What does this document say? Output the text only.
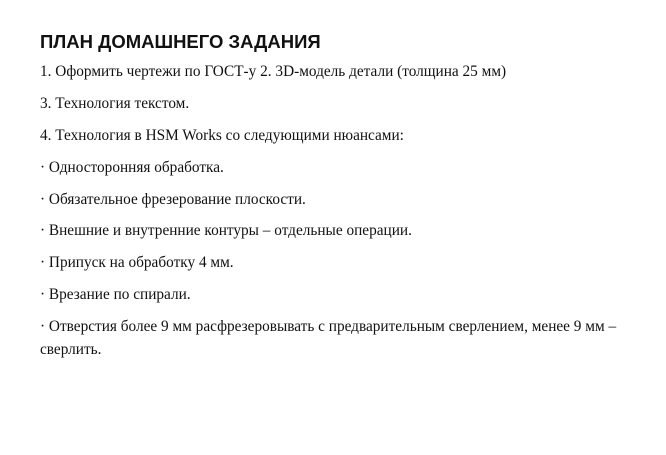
ПЛАН ДОМАШНЕГО ЗАДАНИЯ

1. Оформить чертежи по ГОСТ-у 2. 3D-модель детали (толщина 25 мм)

3. Технология текстом.

4. Технология в HSM Works со следующими нюансами:

· Односторонняя обработка.

· Обязательное фрезерование плоскости.

· Внешние и внутренние контуры – отдельные операции.

· Припуск на обработку 4 мм.

· Врезание по спирали.

· Отверстия более 9 мм расфрезеровывать с предварительным сверлением, менее 9 мм – сверлить.
